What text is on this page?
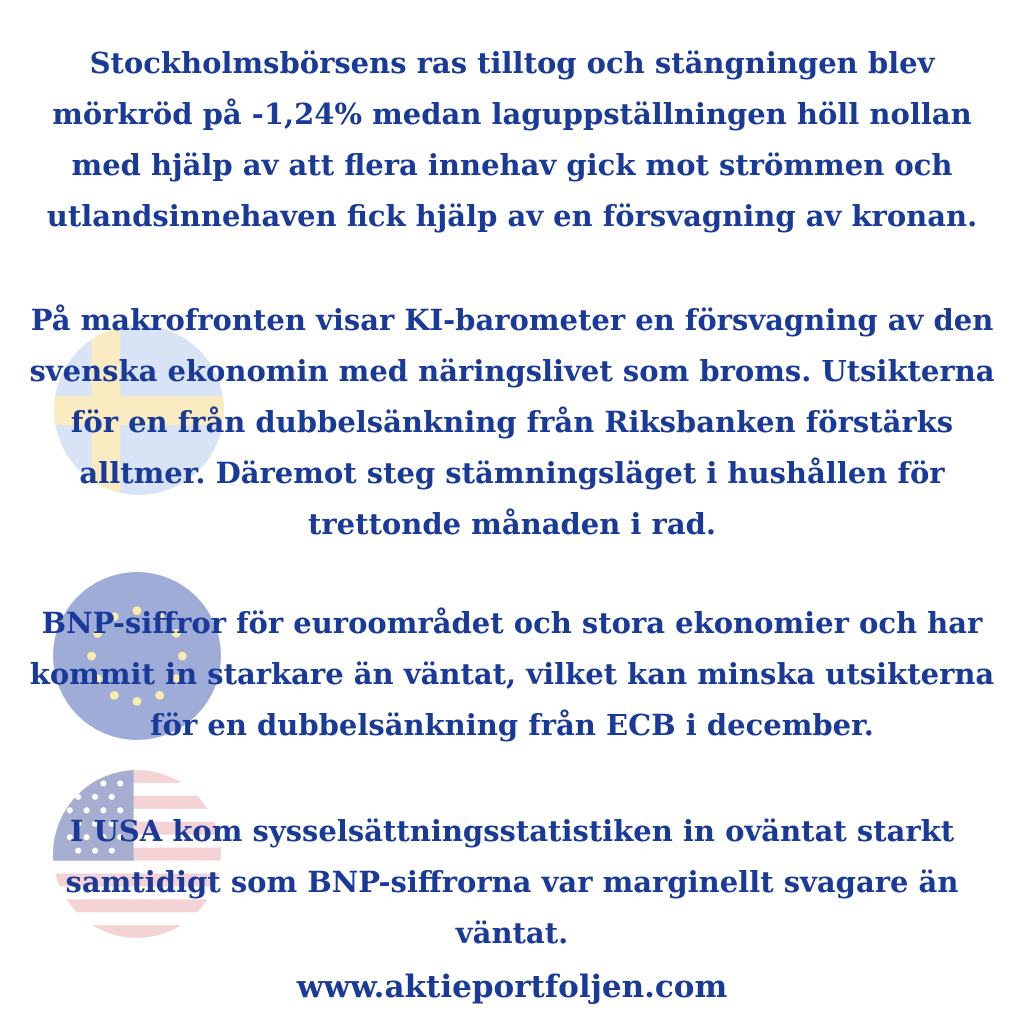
Stockholmsbörsens ras tilltog och stängningen blev mörkröd på -1,24% medan laguppställningen höll nollan med hjälp av att flera innehav gick mot strömmen och utlandsinnehaven fick hjälp av en försvagning av kronan.

På makrofronten visar KI-barometer en försvagning av den svenska ekonomin med näringslivet som broms. Utsikterna för en från dubbelsänkning från Riksbanken förstärks alltmer. Däremot steg stämningsläget i hushållen för trettonde månaden i rad.

BNP-siffror för euroområdet och stora ekonomier och har kommit in starkare än väntat, vilket kan minska utsikterna för en dubbelsänkning från ECB i december.

I USA kom sysselsättningsstatistiken in oväntat starkt samtidigt som BNP-siffrorna var marginellt svagare än väntat.

www.aktieportfoljen.com
